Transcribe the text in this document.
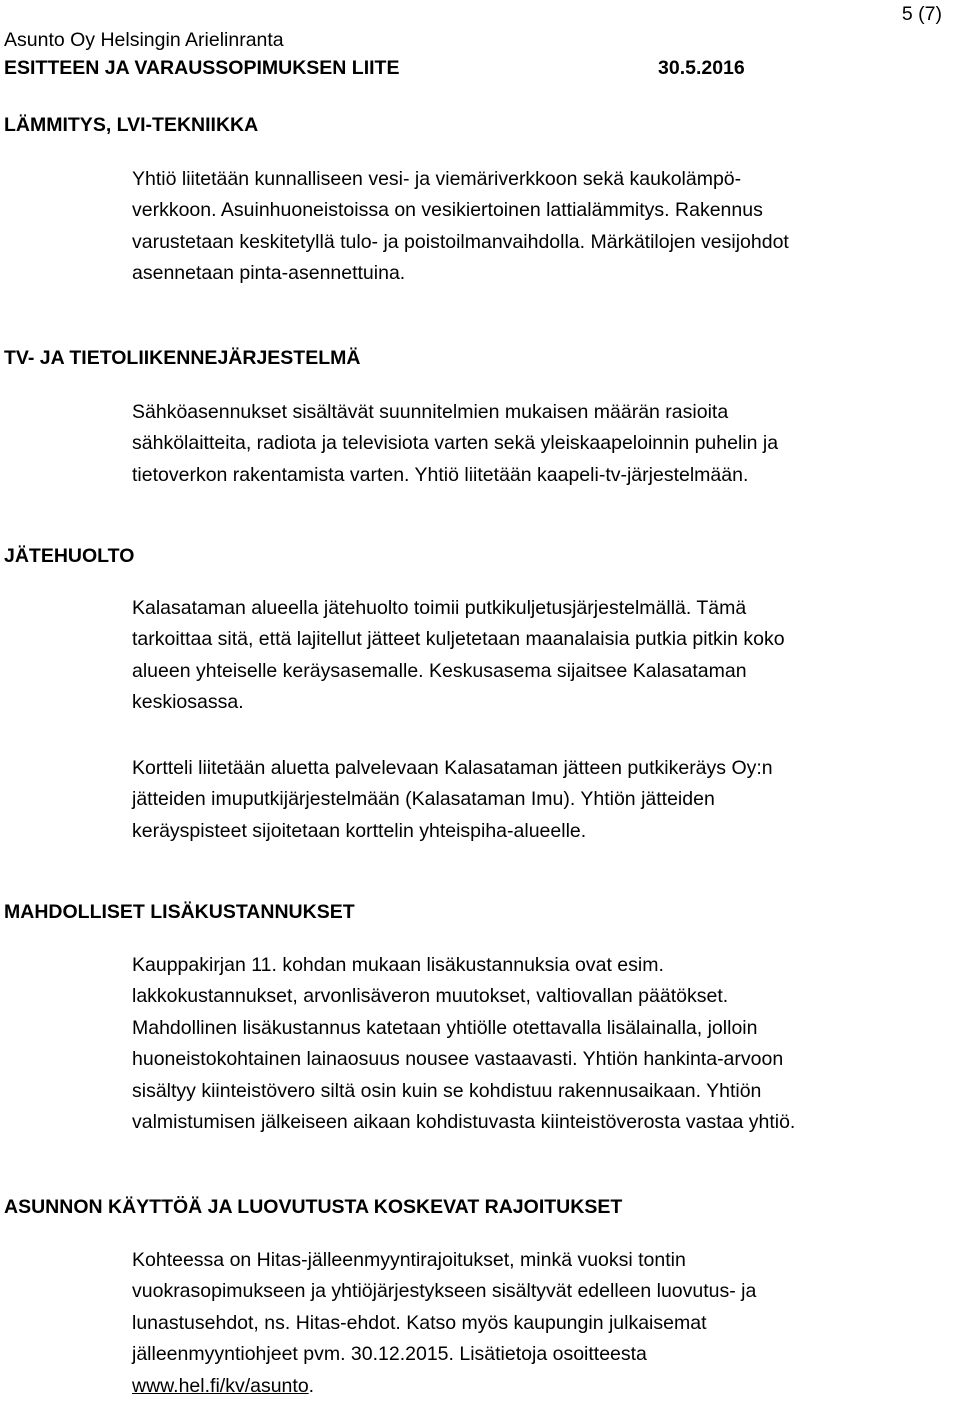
Asunto Oy Helsingin Arielinranta
ESITTEEN JA VARAUSSOPIMUKSEN LIITE	30.5.2016
5 (7)
LÄMMITYS, LVI-TEKNIIKKA
Yhtiö liitetään kunnalliseen vesi- ja viemäriverkkoon sekä kaukolämpö-
verkkoon. Asuinhuoneistoissa on vesikiertoinen lattialämmitys. Rakennus
varustetaan keskitetyllä tulo- ja poistoilmanvaihdolla. Märkätilojen vesijohdot
asennetaan pinta-asennettuina.
TV- JA TIETOLIIKENNEJÄRJESTELMÄ
Sähköasennukset sisältävät suunnitelmien mukaisen määrän rasioita
sähkölaitteita, radiota ja televisiota varten sekä yleiskaapeloinnin puhelin ja
tietoverkon rakentamista varten. Yhtiö liitetään kaapeli-tv-järjestelmään.
JÄTEHUOLTO
Kalasataman alueella jätehuolto toimii putkikuljetusjärjestelmällä. Tämä
tarkoittaa sitä, että lajitellut jätteet kuljetetaan maanalaisia putkia pitkin koko
alueen yhteiselle keräysasemalle. Keskusasema sijaitsee Kalasataman
keskiosassa.
Kortteli liitetään aluetta palvelevaan Kalasataman jätteen putkikeräys Oy:n
jätteiden imuputkijärjestelmään (Kalasataman Imu). Yhtiön jätteiden
keräyspisteet sijoitetaan korttelin yhteispiha-alueelle.
MAHDOLLISET LISÄKUSTANNUKSET
Kauppakirjan 11. kohdan mukaan lisäkustannuksia ovat esim.
lakkokustannukset, arvonlisäveron muutokset, valtiovallan päätökset.
Mahdollinen lisäkustannus katetaan yhtiölle otettavalla lisälainalla, jolloin
huoneistokohtainen lainaosuus nousee vastaavasti. Yhtiön hankinta-arvoon
sisältyy kiinteistövero siltä osin kuin se kohdistuu rakennusaikaan. Yhtiön
valmistumisen jälkeiseen aikaan kohdistuvasta kiinteistöverosta vastaa yhtiö.
ASUNNON KÄYTTÖÄ JA LUOVUTUSTA KOSKEVAT RAJOITUKSET
Kohteessa on Hitas-jälleenmyyntirajoitukset, minkä vuoksi tontin
vuokrasopimukseen ja yhtiöjärjestykseen sisältyvät edelleen luovutus- ja
lunastusehdot, ns. Hitas-ehdot. Katso myös kaupungin julkaisemat
jälleenmyyntiohjeet pvm. 30.12.2015. Lisätietoja osoitteesta
www.hel.fi/kv/asunto.
